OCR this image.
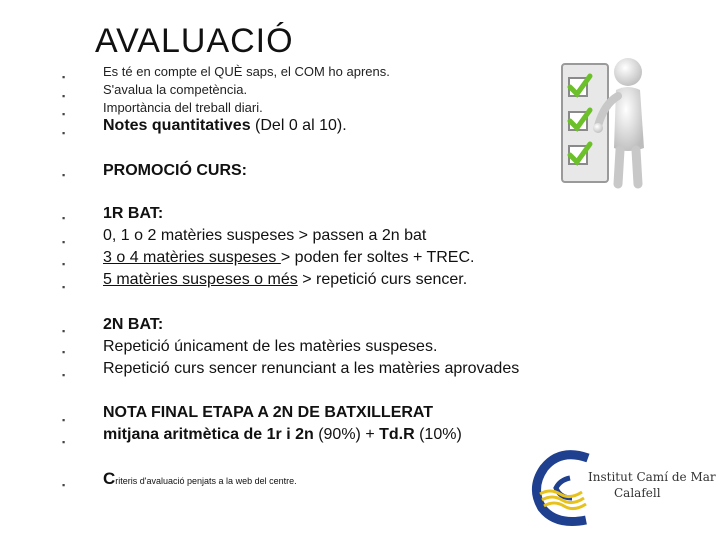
AVALUACIÓ
▪
▪
▪
▪
▪
▪
▪
▪
▪
▪
▪
▪
▪
▪
▪
Es té en compte el QUÈ saps, el COM ho aprens.
S'avalua la competència.
Importància del treball diari.
Notes quantitatives (Del 0 al 10).
PROMOCIÓ CURS:
1R BAT:
0, 1 o 2 matèries suspeses > passen a 2n bat
3 o 4 matèries suspeses > poden fer soltes + TREC.
5 matèries suspeses o més > repetició curs sencer.
2N BAT:
Repetició únicament de les matèries suspeses.
Repetició curs sencer renunciant a les matèries aprovades
NOTA FINAL ETAPA A 2N DE BATXILLERAT
mitjana aritmètica de 1r i 2n (90%) + Td.R (10%)
Criteris d'avaluació penjats a la web del centre.	Institut Camí de Mar
Calafell
